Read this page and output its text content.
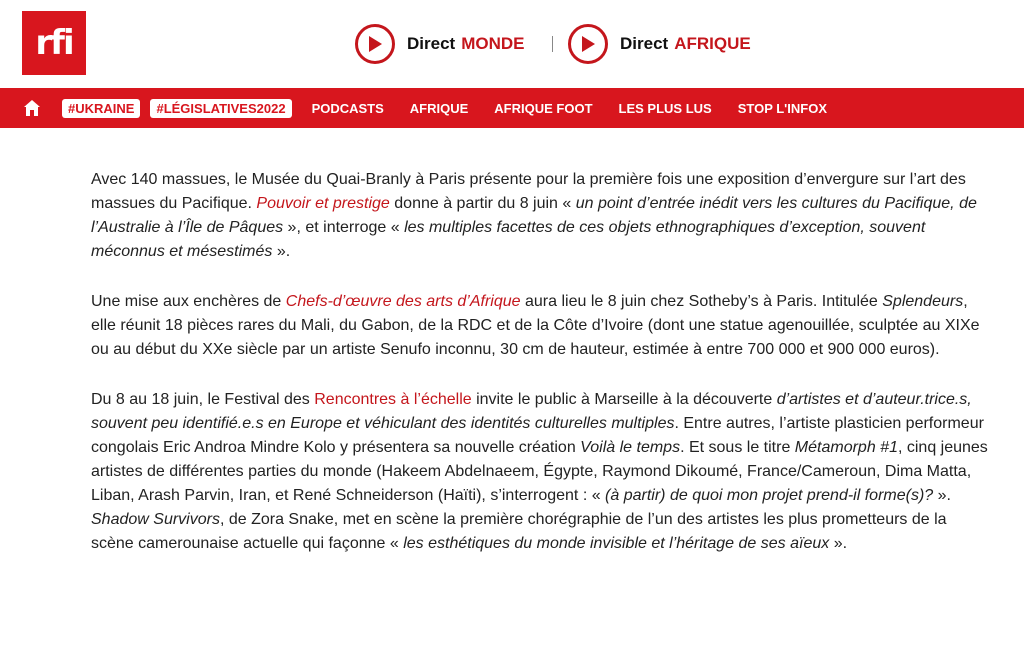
rfi	Direct MONDE	Direct AFRIQUE
#UKRAINE	#LÉGISLATIVES2022	PODCASTS AFRIQUE AFRIQUE FOOT LES PLUS LUS STOP L'INFOX

Avec 140 massues, le Musée du Quai-Branly à Paris présente pour la première fois une exposition d’envergure sur l’art des massues du Pacifique. Pouvoir et prestige donne à partir du 8 juin « un point d’entrée inédit vers les cultures du Pacifique, de l’Australie à l’Île de Pâques », et interroge « les multiples facettes de ces objets ethnographiques d’exception, souvent méconnus et mésestimés ».

Une mise aux enchères de Chefs-d’œuvre des arts d’Afrique aura lieu le 8 juin chez Sotheby’s à Paris. Intitulée Splendeurs, elle réunit 18 pièces rares du Mali, du Gabon, de la RDC et de la Côte d’Ivoire (dont une statue agenouillée, sculptée au XIXe ou au début du XXe siècle par un artiste Senufo inconnu, 30 cm de hauteur, estimée à entre 700 000 et 900 000 euros).

Du 8 au 18 juin, le Festival des Rencontres à l’échelle invite le public à Marseille à la découverte d’artistes et d’auteur.trice.s, souvent peu identifié.e.s en Europe et véhiculant des identités culturelles multiples. Entre autres, l’artiste plasticien performeur congolais Eric Androa Mindre Kolo y présentera sa nouvelle création Voilà le temps. Et sous le titre Métamorph #1, cinq jeunes artistes de différentes parties du monde (Hakeem Abdelnaeem, Égypte, Raymond Dikoumé, France/Cameroun, Dima Matta, Liban, Arash Parvin, Iran, et René Schneiderson (Haïti), s’interrogent : « (à partir) de quoi mon projet prend-il forme(s)? ». Shadow Survivors, de Zora Snake, met en scène la première chorégraphie de l’un des artistes les plus prometteurs de la scène camerounaise actuelle qui façonne « les esthétiques du monde invisible et l’héritage de ses aïeux ».
